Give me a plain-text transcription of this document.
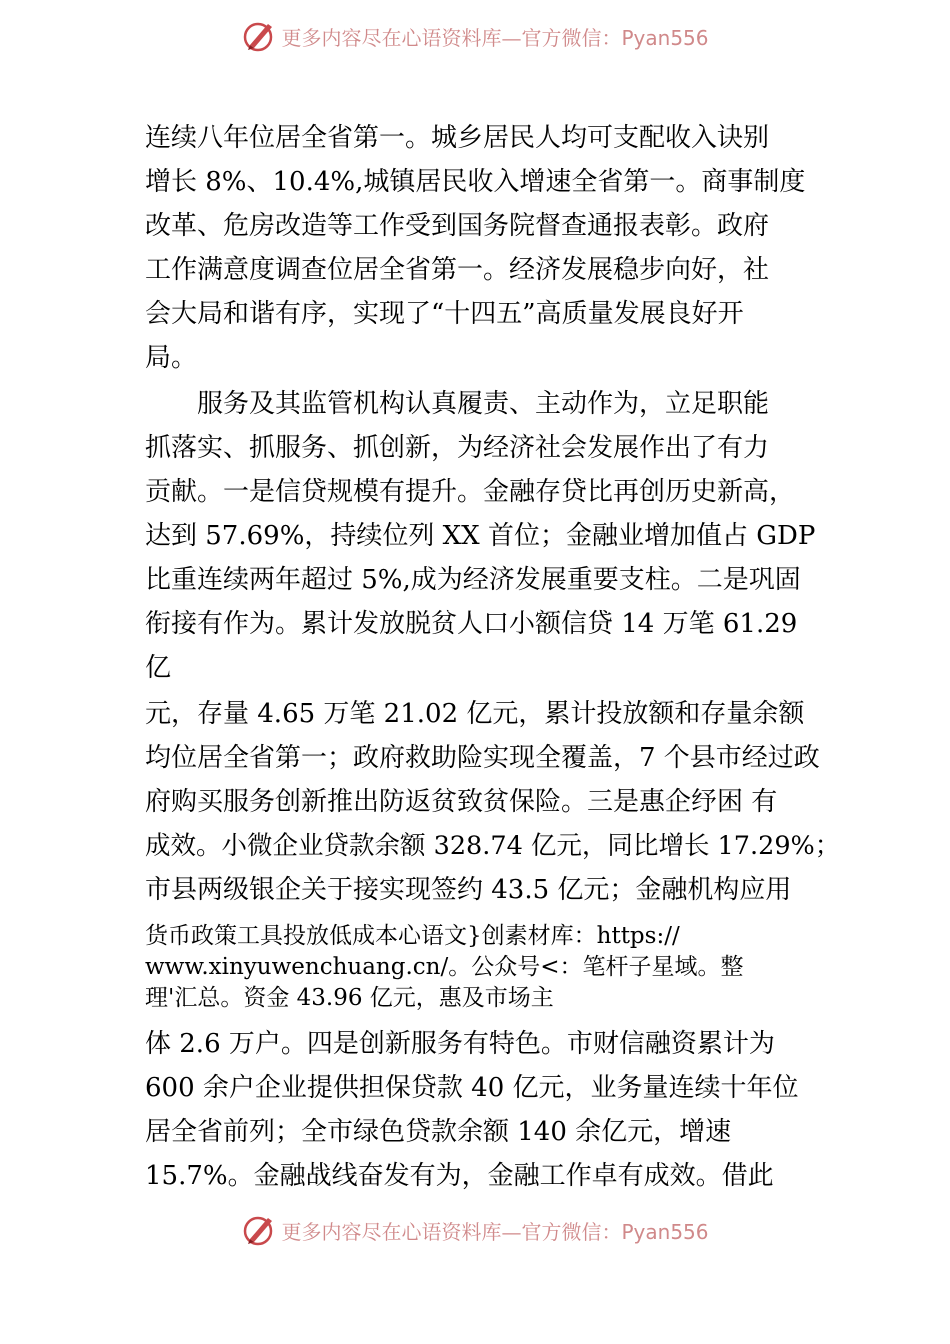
更多内容尽在心语资料库—官方微信：Pyan556
连续八年位居全省第一。城乡居民人均可支配收入诀别
增长 8%、10.4%,城镇居民收入增速全省第一。商事制度
改革、危房改造等工作受到国务院督查通报表彰。政府
工作满意度调查位居全省第一。经济发展稳步向好，社
会大局和谐有序，实现了“十四五”高质量发展良好开
局。
　　服务及其监管机构认真履责、主动作为，立足职能
抓落实、抓服务、抓创新，为经济社会发展作出了有力
贡献。一是信贷规模有提升。金融存贷比再创历史新高，
达到 57.69%，持续位列 XX 首位；金融业增加值占 GDP
比重连续两年超过 5%,成为经济发展重要支柱。二是巩固
衔接有作为。累计发放脱贫人口小额信贷 14 万笔 61.29
亿
元，存量 4.65 万笔 21.02 亿元，累计投放额和存量余额
均位居全省第一；政府救助险实现全覆盖，7 个县市经过政
府购买服务创新推出防返贫致贫保险。三是惠企纾困 有
成效。小微企业贷款余额 328.74 亿元，同比增长 17.29%；
市县两级银企关于接实现签约 43.5 亿元；金融机构应用
货币政策工具投放低成本心语文}创素材库：https://
www.xinyuwenchuang.cn/。公众号<：笔杆子星域。整
理'汇总。资金 43.96 亿元，惠及市场主
体 2.6 万户。四是创新服务有特色。市财信融资累计为
600 余户企业提供担保贷款 40 亿元，业务量连续十年位
居全省前列；全市绿色贷款余额 140 余亿元，增速
15.7%。金融战线奋发有为，金融工作卓有成效。借此
更多内容尽在心语资料库—官方微信：Pyan556
